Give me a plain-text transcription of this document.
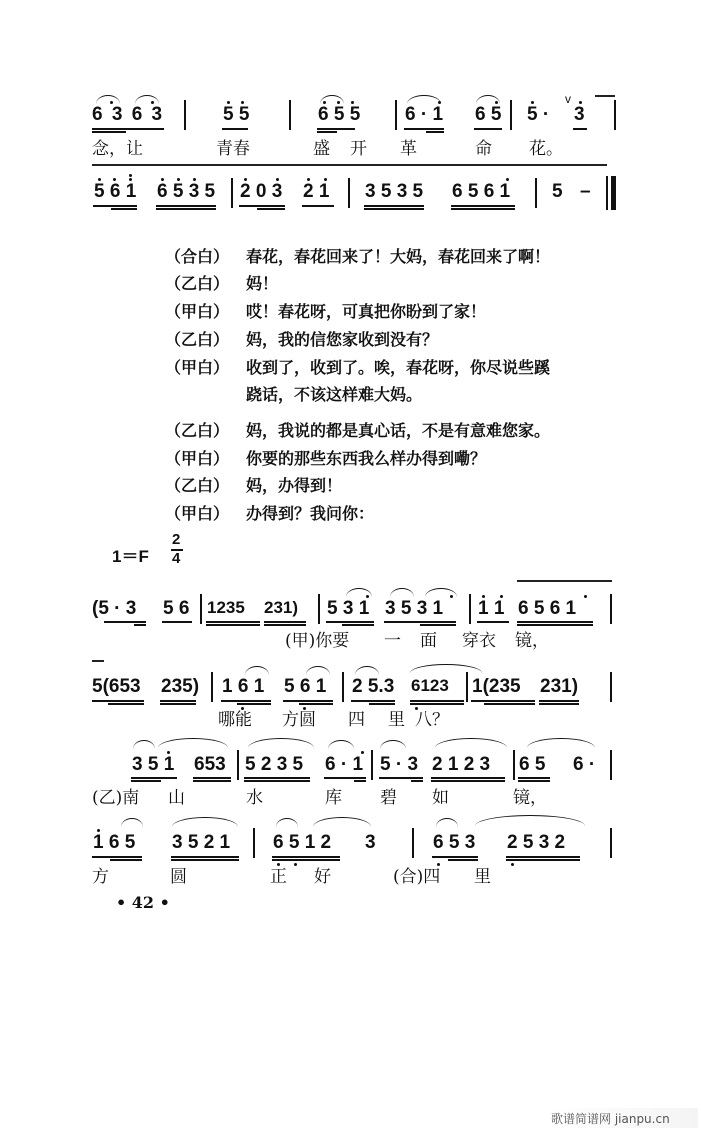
6 3 6 3	5 5	6 5 5 6 · 1 6 5 5 ·
v
3
念，让	青春	盛 开 革	命 花。
5 6 1 6 5 3 5 2 0 3 2 1 3 5 3 5 6 5 6 1 5 –
（合白） 春花，春花回来了！大妈，春花回来了啊！
（乙白） 妈！
（甲白） 哎！春花呀，可真把你盼到了家！
（乙白） 妈，我的信您家收到没有？
（甲白） 收到了，收到了。唉，春花呀，你尽说些蹊
跷话，不该这样难大妈。
（乙白） 妈，我说的都是真心话，不是有意难您家。
（甲白） 你要的那些东西我么样办得到嘞？
（乙白） 妈，办得到！
（甲白） 办得到？我问你：
1＝F
2
4
(5 · 3 5 6 1235 231) 5 3 1 3 5 3 1 1 1 6 5 6 1
(甲)你要 一 面 穿衣 镜，
5(653 235) 1 6 1 5 6 1 2 5.3 6123 1(235 231)
哪能 方圆 四 里 八？
3 5 1 653 5 2 3 5 6 · 1 5 · 3 2 1 2 3 6 5 6 ·
(乙)南 山	水	库 碧 如	镜，
1 6 5 3 5 2 1 6 5 1 2 3	6 5 3 2 5 3 2
方	圆	正 好	(合)四 里
• 42 •
歌谱简谱网 jianpu.cn
